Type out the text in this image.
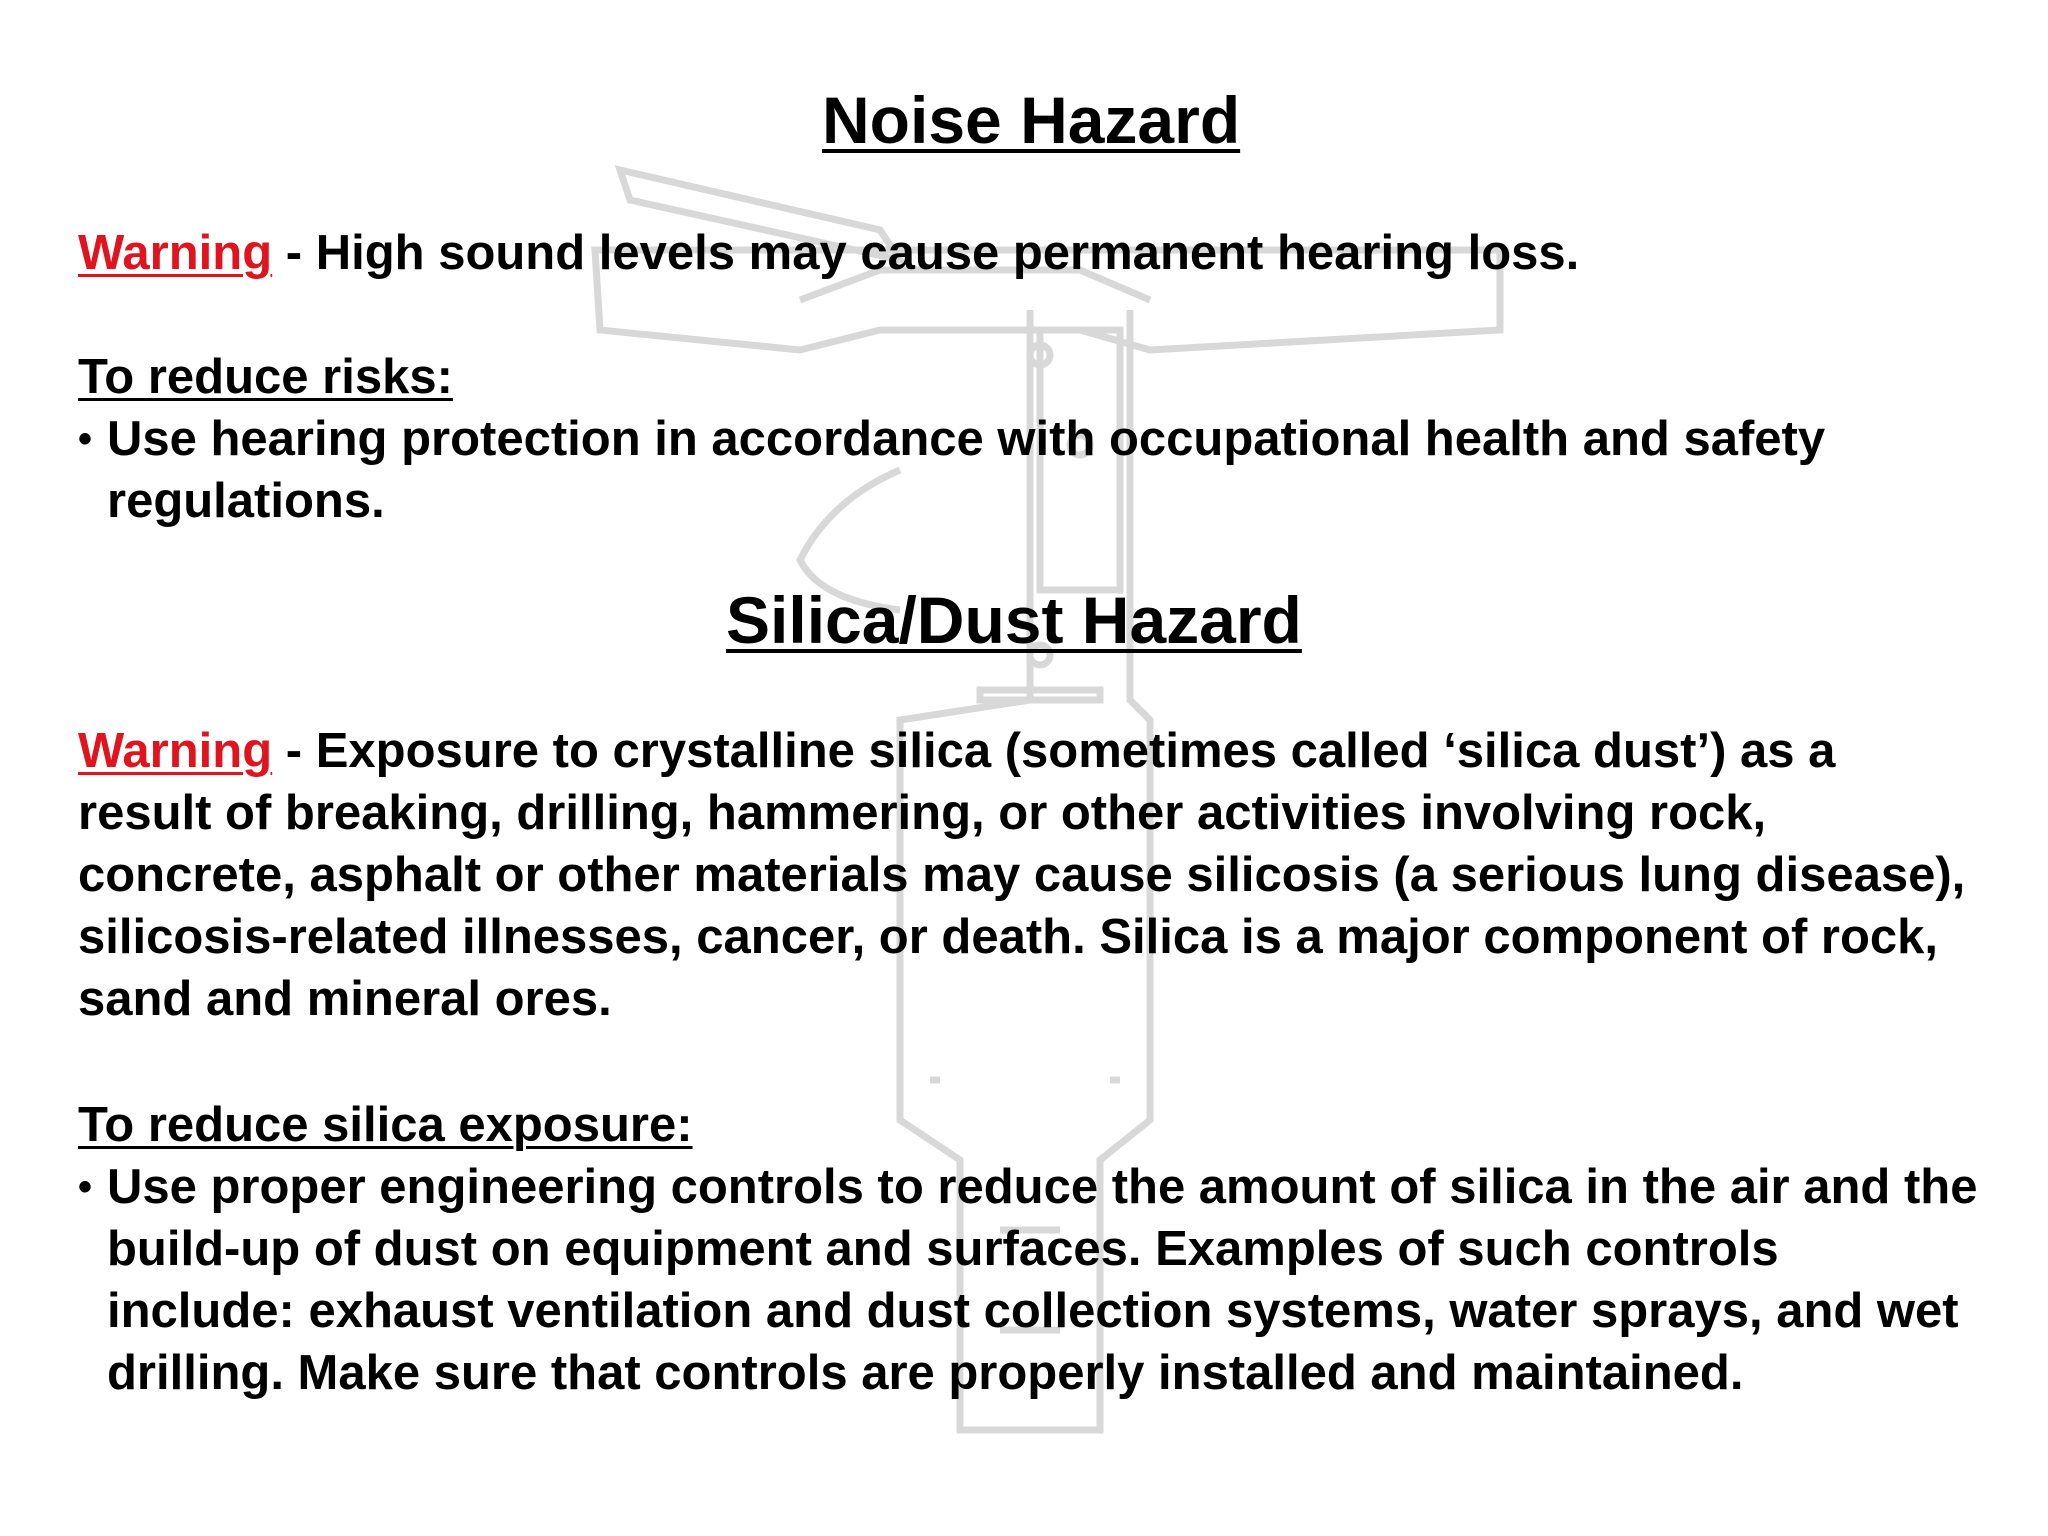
Noise Hazard

Warning - High sound levels may cause permanent hearing loss.

To reduce risks:

• Use hearing protection in accordance with occupational health and safety regulations.
Silica/Dust Hazard

Warning - Exposure to crystalline silica (sometimes called ‘silica dust’) as a result of breaking, drilling, hammering, or other activities involving rock, concrete, asphalt or other materials may cause silicosis (a serious lung disease), silicosis-related illnesses, cancer, or death. Silica is a major component of rock, sand and mineral ores.

To reduce silica exposure:

• Use proper engineering controls to reduce the amount of silica in the air and the build-up of dust on equipment and surfaces. Examples of such controls include: exhaust ventilation and dust collection systems, water sprays, and wet drilling. Make sure that controls are properly installed and maintained.
